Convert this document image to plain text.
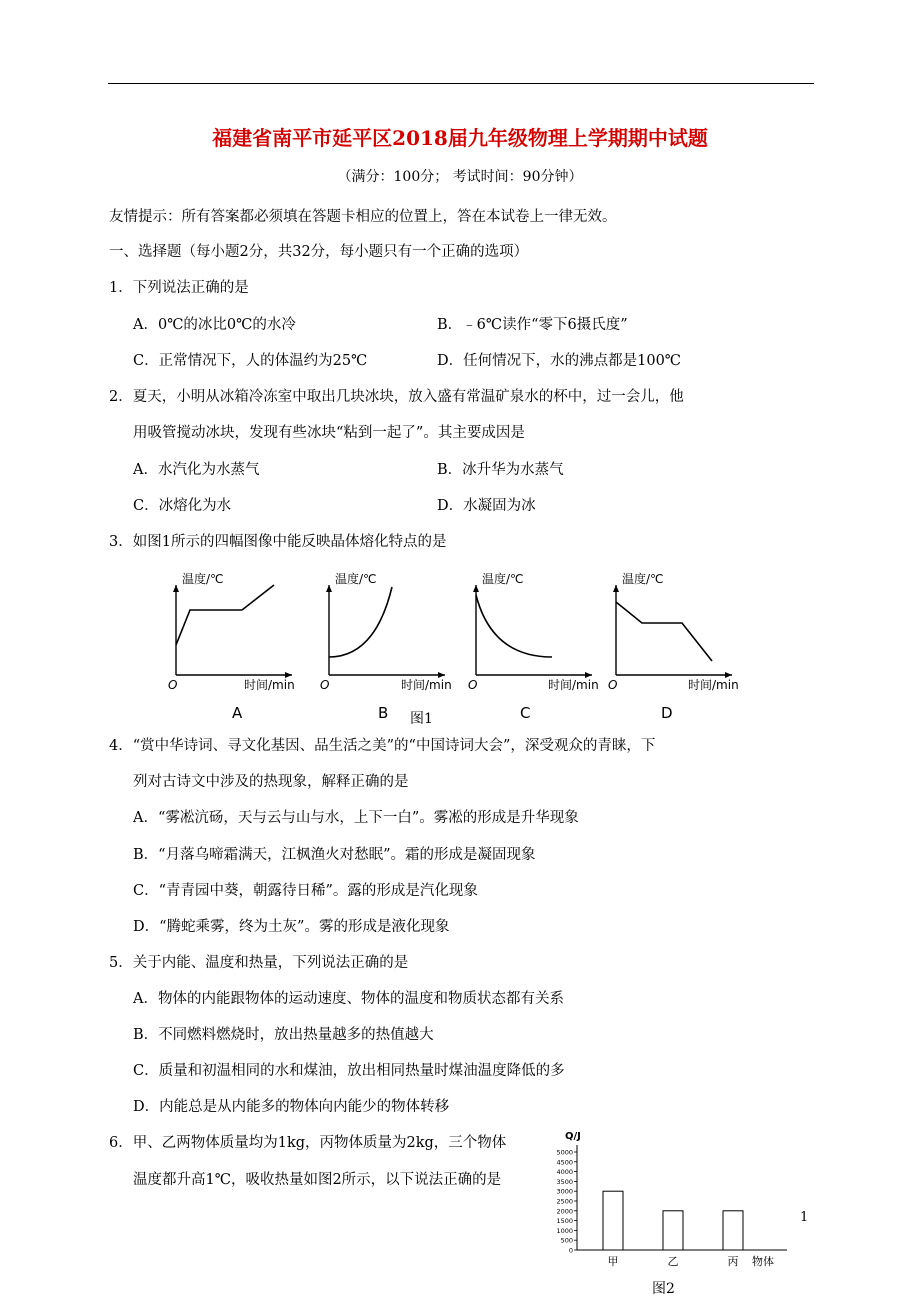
福建省南平市延平区2018届九年级物理上学期期中试题
（满分：100分； 考试时间：90分钟）
友情提示：所有答案都必须填在答题卡相应的位置上，答在本试卷上一律无效。
一、选择题（每小题2分，共32分，每小题只有一个正确的选项）
1．下列说法正确的是
A．0℃的冰比0℃的水冷	B．﹣6℃读作“零下6摄氏度”
C．正常情况下，人的体温约为25℃	D．任何情况下，水的沸点都是100℃
2．夏天，小明从冰箱冷冻室中取出几块冰块，放入盛有常温矿泉水的杯中，过一会儿，他
用吸管搅动冰块，发现有些冰块“粘到一起了”。其主要成因是
A．水汽化为水蒸气	B．冰升华为水蒸气
C．冰熔化为水	D．水凝固为冰
3．如图1所示的四幅图像中能反映晶体熔化特点的是
温度/℃
O	时间/min
A
温度/℃
O	时间/min
B
温度/℃
O	时间/min
C
温度/℃
O	时间/min
D
图1
4．“赏中华诗词、寻文化基因、品生活之美”的“中国诗词大会”，深受观众的青睐，下
列对古诗文中涉及的热现象，解释正确的是
A．“雾凇沆砀，天与云与山与水，上下一白”。雾凇的形成是升华现象
B．“月落乌啼霜满天，江枫渔火对愁眠”。霜的形成是凝固现象
C．“青青园中葵，朝露待日稀”。露的形成是汽化现象
D．“腾蛇乘雾，终为土灰”。雾的形成是液化现象
5．关于内能、温度和热量，下列说法正确的是
A．物体的内能跟物体的运动速度、物体的温度和物质状态都有关系
B．不同燃料燃烧时，放出热量越多的热值越大
C．质量和初温相同的水和煤油，放出相同热量时煤油温度降低的多
D．内能总是从内能多的物体向内能少的物体转移
6．甲、乙两物体质量均为1kg，丙物体质量为2kg，三个物体
温度都升高1℃，吸收热量如图2所示，以下说法正确的是
1
Q/J
5000
4500
4000
3500
3000
2500
2000
1500
1000
500
0
甲	乙	丙 物体
图2
